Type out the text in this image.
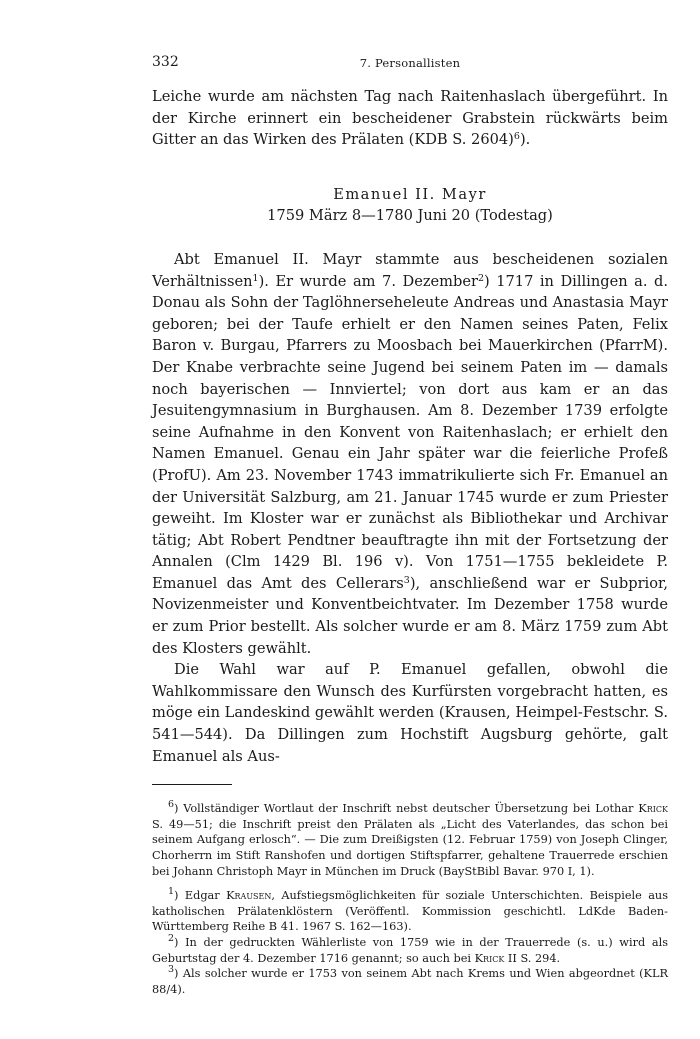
332	7. Personallisten

Leiche wurde am nächsten Tag nach Raitenhaslach übergeführt. In der Kirche erinnert ein bescheidener Grabstein rückwärts beim Gitter an das Wirken des Prälaten (KDB S. 2604)$^6$).

Emanuel II. Mayr
1759 März 8—1780 Juni 20 (Todestag)

Abt Emanuel II. Mayr stammte aus bescheidenen sozialen Verhältnissen$^1$). Er wurde am 7. Dezember$^2$) 1717 in Dillingen a. d. Donau als Sohn der Taglöhnerseheleute Andreas und Anastasia Mayr geboren; bei der Taufe erhielt er den Namen seines Paten, Felix Baron v. Burgau, Pfarrers zu Moosbach bei Mauerkirchen (PfarrM). Der Knabe verbrachte seine Jugend bei seinem Paten im — damals noch bayerischen — Innviertel; von dort aus kam er an das Jesuitengymnasium in Burghausen. Am 8. Dezember 1739 erfolgte seine Aufnahme in den Konvent von Raitenhaslach; er erhielt den Namen Emanuel. Genau ein Jahr später war die feierliche Profeß (ProfU). Am 23. November 1743 immatrikulierte sich Fr. Emanuel an der Universität Salzburg, am 21. Januar 1745 wurde er zum Priester geweiht. Im Kloster war er zunächst als Bibliothekar und Archivar tätig; Abt Robert Pendtner beauftragte ihn mit der Fortsetzung der Annalen (Clm 1429 Bl. 196 v). Von 1751—1755 bekleidete P. Emanuel das Amt des Cellerars$^3$), anschließend war er Subprior, Novizenmeister und Konventbeichtvater. Im Dezember 1758 wurde er zum Prior bestellt. Als solcher wurde er am 8. März 1759 zum Abt des Klosters gewählt.

Die Wahl war auf P. Emanuel gefallen, obwohl die Wahlkommissare den Wunsch des Kurfürsten vorgebracht hatten, es möge ein Landeskind gewählt werden (Krausen, Heimpel-Festschr. S. 541—544). Da Dillingen zum Hochstift Augsburg gehörte, galt Emanuel als Aus-

$^6$) Vollständiger Wortlaut der Inschrift nebst deutscher Übersetzung bei Lothar Krick S. 49—51; die Inschrift preist den Prälaten als „Licht des Vaterlandes, das schon bei seinem Aufgang erlosch“. — Die zum Dreißigsten (12. Februar 1759) von Joseph Clinger, Chorherrn im Stift Ranshofen und dortigen Stiftspfarrer, gehaltene Trauerrede erschien bei Johann Christoph Mayr in München im Druck (BayStBibl Bavar. 970 I, 1).

$^1$) Edgar Krausen, Aufstiegsmöglichkeiten für soziale Unterschichten. Beispiele aus katholischen Prälatenklöstern (Veröffentl. Kommission geschichtl. LdKde Baden-Württemberg Reihe B 41. 1967 S. 162—163).

$^2$) In der gedruckten Wählerliste von 1759 wie in der Trauerrede (s. u.) wird als Geburtstag der 4. Dezember 1716 genannt; so auch bei Krick II S. 294.

$^3$) Als solcher wurde er 1753 von seinem Abt nach Krems und Wien abgeordnet (KLR 88/4).
